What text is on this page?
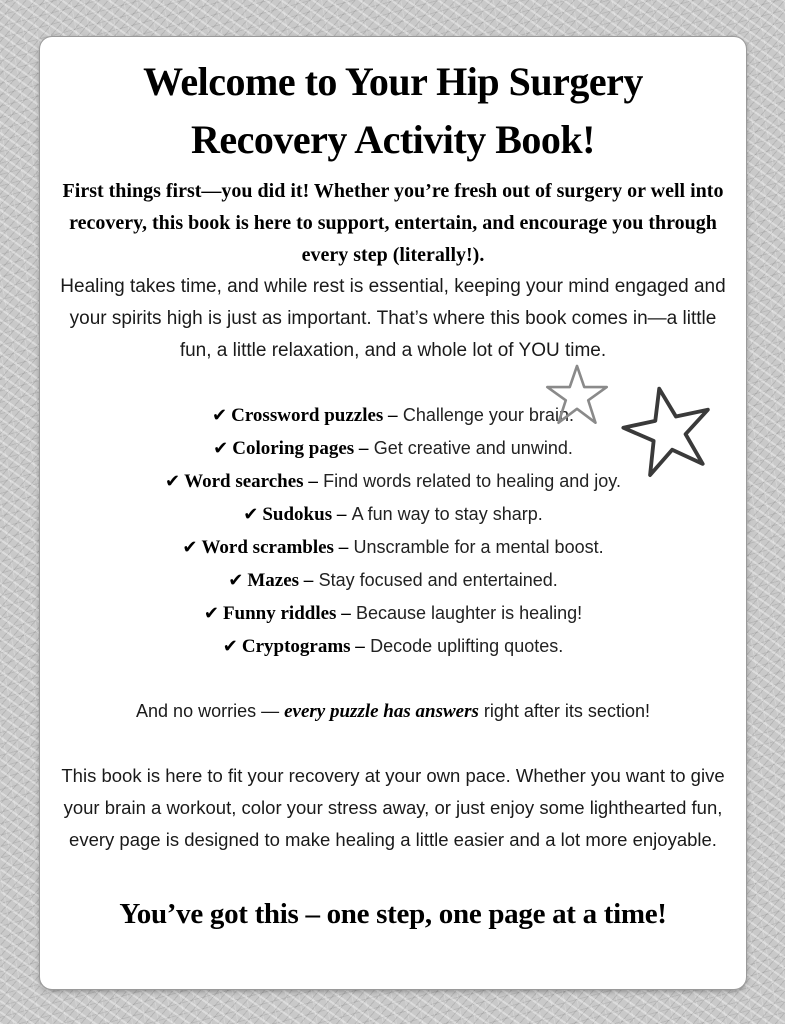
Welcome to Your Hip Surgery
Recovery Activity Book!

First things first—you did it! Whether you’re fresh out of surgery or well into recovery, this book is here to support, entertain, and encourage you through every step (literally!).

Healing takes time, and while rest is essential, keeping your mind engaged and your spirits high is just as important. That’s where this book comes in—a little fun, a little relaxation, and a whole lot of YOU time.

✔ Crossword puzzles – Challenge your brain.
✔ Coloring pages – Get creative and unwind.
✔ Word searches – Find words related to healing and joy.
✔ Sudokus – A fun way to stay sharp.
✔ Word scrambles – Unscramble for a mental boost.
✔ Mazes – Stay focused and entertained.
✔ Funny riddles – Because laughter is healing!
✔ Cryptograms – Decode uplifting quotes.

And no worries — every puzzle has answers right after its section!

This book is here to fit your recovery at your own pace. Whether you want to give your brain a workout, color your stress away, or just enjoy some lighthearted fun, every page is designed to make healing a little easier and a lot more enjoyable.

You’ve got this – one step, one page at a time!
